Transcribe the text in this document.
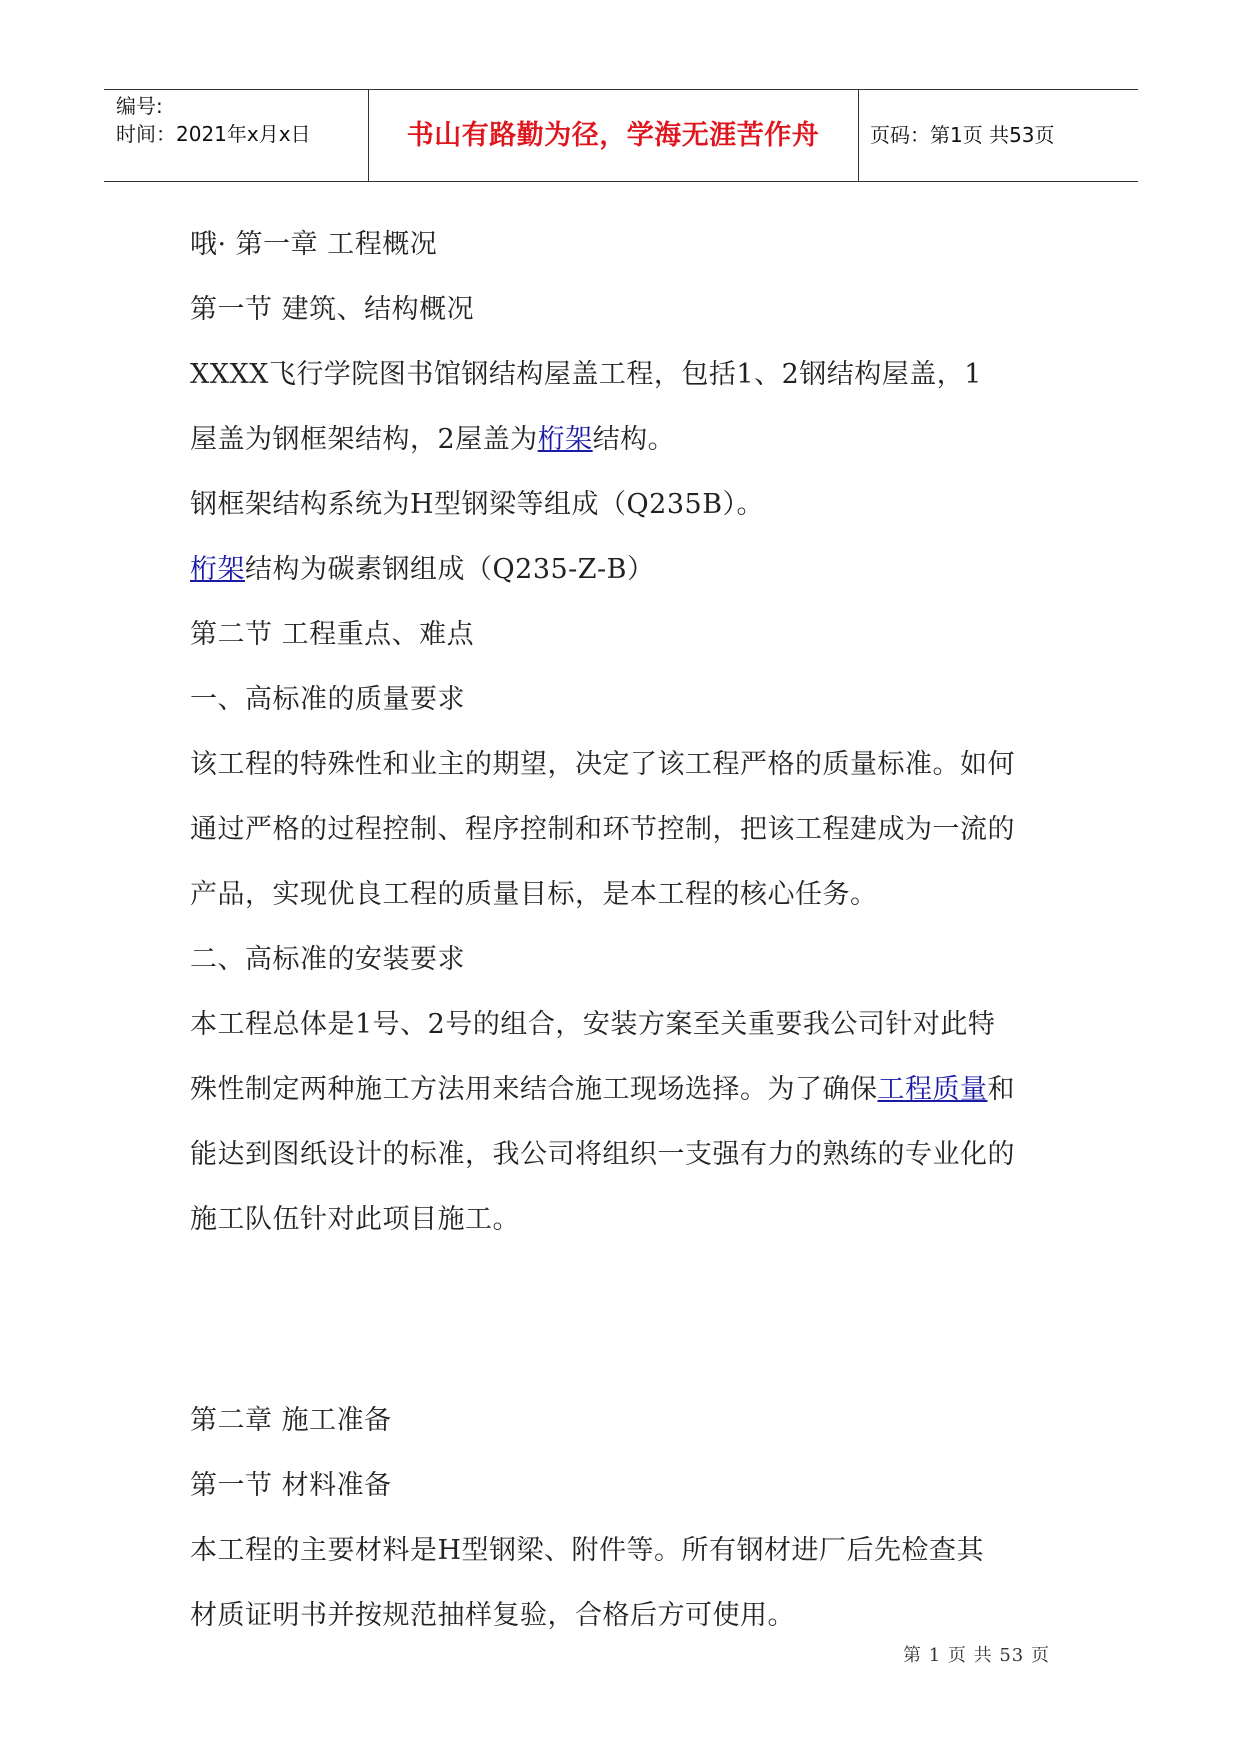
编号:
时间：2021年x月x日	书山有路勤为径，学海无涯苦作舟	页码：第1页 共53页
哦· 第一章 工程概况
第一节 建筑、结构概况
XXXX飞行学院图书馆钢结构屋盖工程，包括1、2钢结构屋盖，1
屋盖为钢框架结构，2屋盖为桁架结构。
钢框架结构系统为H型钢梁等组成（Q235B）。
桁架结构为碳素钢组成（Q235-Z-B）
第二节 工程重点、难点
一、高标准的质量要求
该工程的特殊性和业主的期望，决定了该工程严格的质量标准。如何
通过严格的过程控制、程序控制和环节控制，把该工程建成为一流的
产品，实现优良工程的质量目标，是本工程的核心任务。
二、高标准的安装要求
本工程总体是1号、2号的组合，安装方案至关重要我公司针对此特
殊性制定两种施工方法用来结合施工现场选择。为了确保工程质量和
能达到图纸设计的标准，我公司将组织一支强有力的熟练的专业化的
施工队伍针对此项目施工。
第二章 施工准备
第一节 材料准备
本工程的主要材料是H型钢梁、附件等。所有钢材进厂后先检查其
材质证明书并按规范抽样复验，合格后方可使用。
第 1 页 共 53 页
